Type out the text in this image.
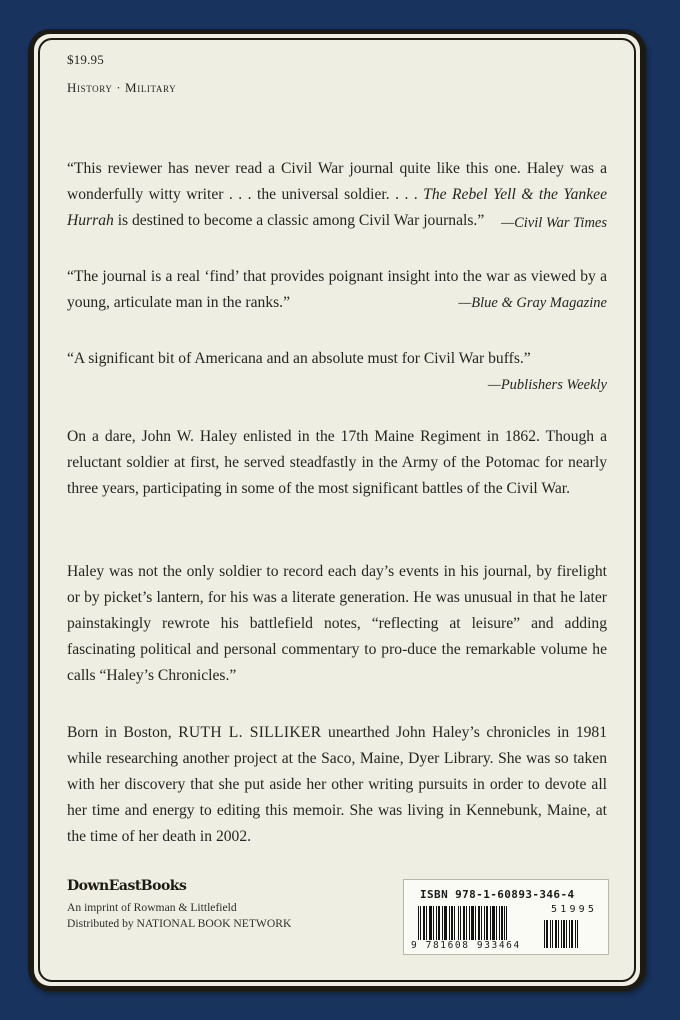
$19.95
History · Military
“This reviewer has never read a Civil War journal quite like this one. Haley was a wonderfully witty writer . . . the universal soldier. . . . The Rebel Yell & the Yankee Hurrah is destined to become a classic among Civil War journals.”	—Civil War Times
“The journal is a real ‘find’ that provides poignant insight into the war as viewed by a young, articulate man in the ranks.”	—Blue & Gray Magazine
“A significant bit of Americana and an absolute must for Civil War buffs.”
—Publishers Weekly
On a dare, John W. Haley enlisted in the 17th Maine Regiment in 1862. Though a reluctant soldier at first, he served steadfastly in the Army of the Potomac for nearly three years, participating in some of the most significant battles of the Civil War.
Haley was not the only soldier to record each day’s events in his journal, by firelight or by picket’s lantern, for his was a literate generation. He was unusual in that he later painstakingly rewrote his battlefield notes, “reflecting at leisure” and adding fascinating political and personal commentary to pro-duce the remarkable volume he calls “Haley’s Chronicles.”
Born in Boston, RUTH L. SILLIKER unearthed John Haley’s chronicles in 1981 while researching another project at the Saco, Maine, Dyer Library. She was so taken with her discovery that she put aside her other writing pursuits in order to devote all her time and energy to editing this memoir. She was living in Kennebunk, Maine, at the time of her death in 2002.
DownEastBooks
An imprint of Rowman & Littlefield
Distributed by NATIONAL BOOK NETWORK
ISBN 978-1-60893-346-4
9 781608 933464
51995
